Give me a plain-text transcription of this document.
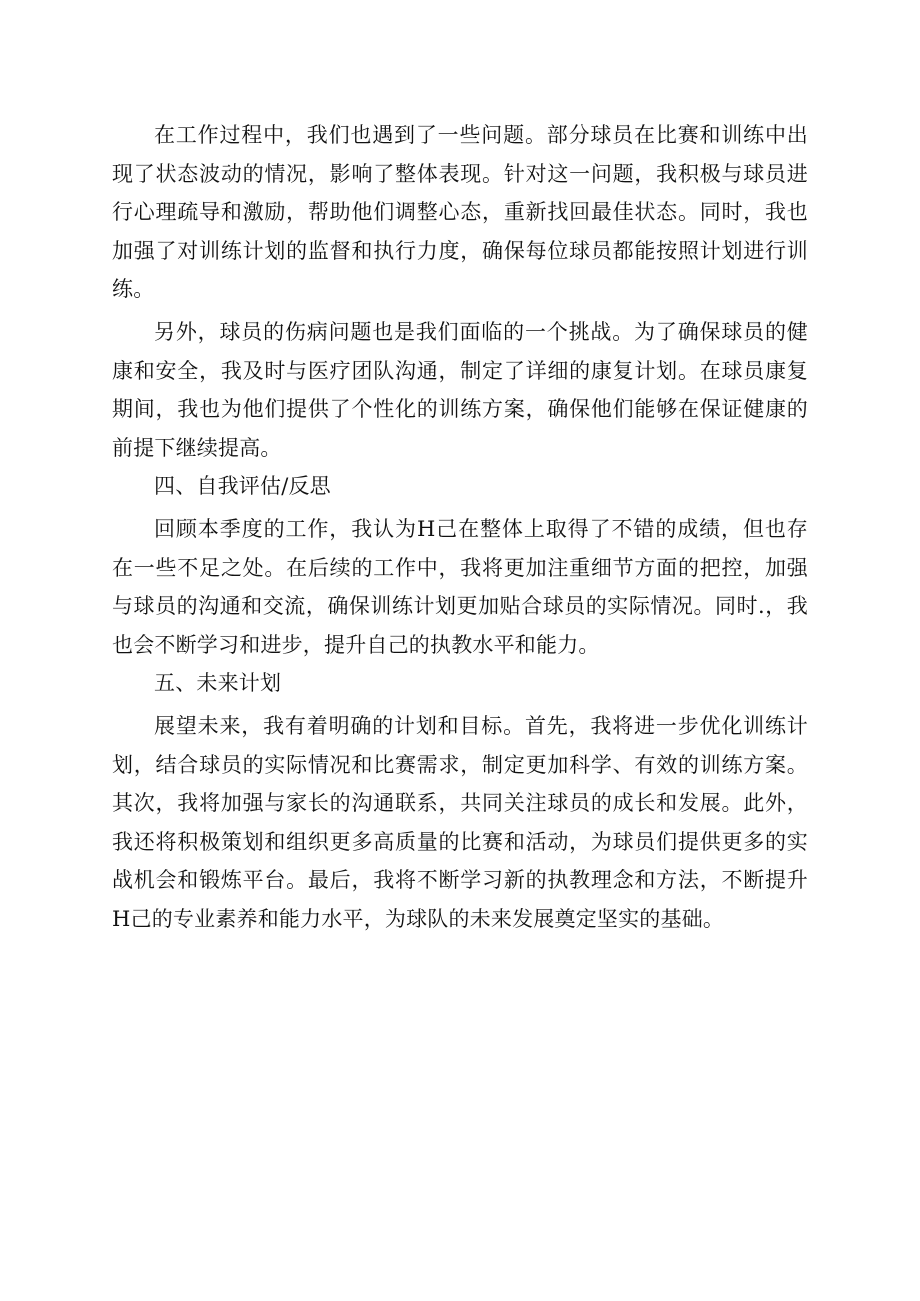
在工作过程中，我们也遇到了一些问题。部分球员在比赛和训练中出现了状态波动的情况，影响了整体表现。针对这一问题，我积极与球员进行心理疏导和激励，帮助他们调整心态，重新找回最佳状态。同时，我也加强了对训练计划的监督和执行力度，确保每位球员都能按照计划进行训练。

另外，球员的伤病问题也是我们面临的一个挑战。为了确保球员的健康和安全，我及时与医疗团队沟通，制定了详细的康复计划。在球员康复期间，我也为他们提供了个性化的训练方案，确保他们能够在保证健康的前提下继续提高。

四、自我评估/反思

回顾本季度的工作，我认为H己在整体上取得了不错的成绩，但也存在一些不足之处。在后续的工作中，我将更加注重细节方面的把控，加强与球员的沟通和交流，确保训练计划更加贴合球员的实际情况。同时.，我也会不断学习和进步，提升自己的执教水平和能力。

五、未来计划

展望未来，我有着明确的计划和目标。首先，我将进一步优化训练计划，结合球员的实际情况和比赛需求，制定更加科学、有效的训练方案。其次，我将加强与家长的沟通联系，共同关注球员的成长和发展。此外，我还将积极策划和组织更多高质量的比赛和活动，为球员们提供更多的实战机会和锻炼平台。最后，我将不断学习新的执教理念和方法，不断提升H己的专业素养和能力水平，为球队的未来发展奠定坚实的基础。
